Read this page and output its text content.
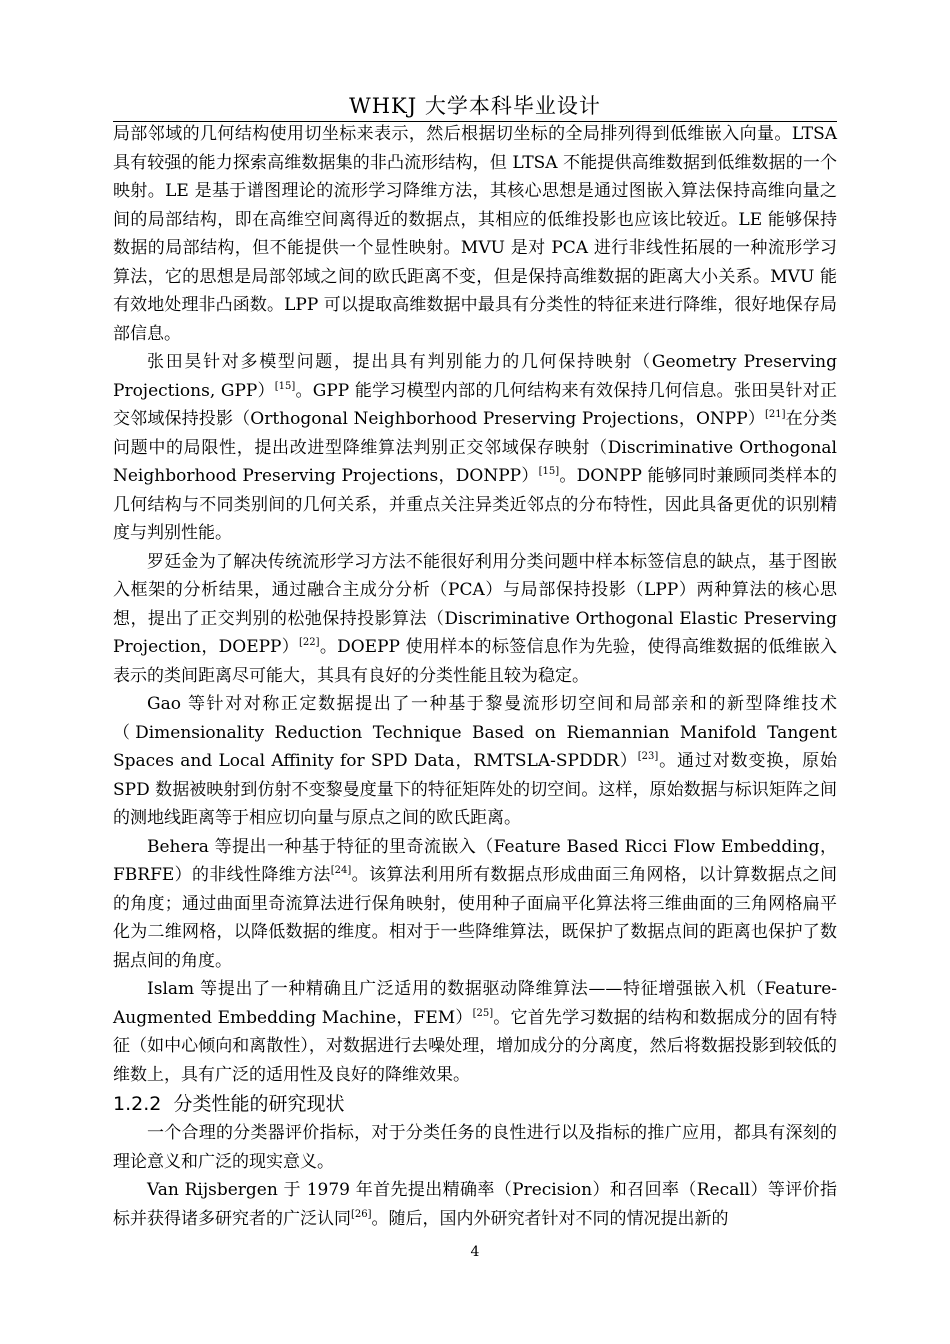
WHKJ 大学本科毕业设计

局部邻域的几何结构使用切坐标来表示，然后根据切坐标的全局排列得到低维嵌入向量。LTSA 具有较强的能力探索高维数据集的非凸流形结构，但 LTSA 不能提供高维数据到低维数据的一个映射。LE 是基于谱图理论的流形学习降维方法，其核心思想是通过图嵌入算法保持高维向量之间的局部结构，即在高维空间离得近的数据点，其相应的低维投影也应该比较近。LE 能够保持数据的局部结构，但不能提供一个显性映射。MVU 是对 PCA 进行非线性拓展的一种流形学习算法，它的思想是局部邻域之间的欧氏距离不变，但是保持高维数据的距离大小关系。MVU 能有效地处理非凸函数。LPP 可以提取高维数据中最具有分类性的特征来进行降维，很好地保存局部信息。

张田昊针对多模型问题，提出具有判别能力的几何保持映射（Geometry Preserving Projections, GPP）[15]。GPP 能学习模型内部的几何结构来有效保持几何信息。张田昊针对正交邻域保持投影（Orthogonal Neighborhood Preserving Projections，ONPP）[21]在分类问题中的局限性，提出改进型降维算法判别正交邻域保存映射（Discriminative Orthogonal Neighborhood Preserving Projections，DONPP）[15]。DONPP 能够同时兼顾同类样本的几何结构与不同类别间的几何关系，并重点关注异类近邻点的分布特性，因此具备更优的识别精度与判别性能。

罗廷金为了解决传统流形学习方法不能很好利用分类问题中样本标签信息的缺点，基于图嵌入框架的分析结果，通过融合主成分分析（PCA）与局部保持投影（LPP）两种算法的核心思想，提出了正交判别的松弛保持投影算法（Discriminative Orthogonal Elastic Preserving Projection，DOEPP）[22]。DOEPP 使用样本的标签信息作为先验，使得高维数据的低维嵌入表示的类间距离尽可能大，其具有良好的分类性能且较为稳定。

Gao 等针对对称正定数据提出了一种基于黎曼流形切空间和局部亲和的新型降维技术（Dimensionality Reduction Technique Based on Riemannian Manifold Tangent Spaces and Local Affinity for SPD Data，RMTSLA-SPDDR）[23]。通过对数变换，原始 SPD 数据被映射到仿射不变黎曼度量下的特征矩阵处的切空间。这样，原始数据与标识矩阵之间的测地线距离等于相应切向量与原点之间的欧氏距离。

Behera 等提出一种基于特征的里奇流嵌入（Feature Based Ricci Flow Embedding，FBRFE）的非线性降维方法[24]。该算法利用所有数据点形成曲面三角网格，以计算数据点之间的角度；通过曲面里奇流算法进行保角映射，使用种子面扁平化算法将三维曲面的三角网格扁平化为二维网格，以降低数据的维度。相对于一些降维算法，既保护了数据点间的距离也保护了数据点间的角度。

Islam 等提出了一种精确且广泛适用的数据驱动降维算法——特征增强嵌入机（Feature-Augmented Embedding Machine，FEM）[25]。它首先学习数据的结构和数据成分的固有特征（如中心倾向和离散性），对数据进行去噪处理，增加成分的分离度，然后将数据投影到较低的维数上，具有广泛的适用性及良好的降维效果。

1.2.2 分类性能的研究现状

一个合理的分类器评价指标，对于分类任务的良性进行以及指标的推广应用，都具有深刻的理论意义和广泛的现实意义。

Van Rijsbergen 于 1979 年首先提出精确率（Precision）和召回率（Recall）等评价指标并获得诸多研究者的广泛认同[26]。随后，国内外研究者针对不同的情况提出新的

4
